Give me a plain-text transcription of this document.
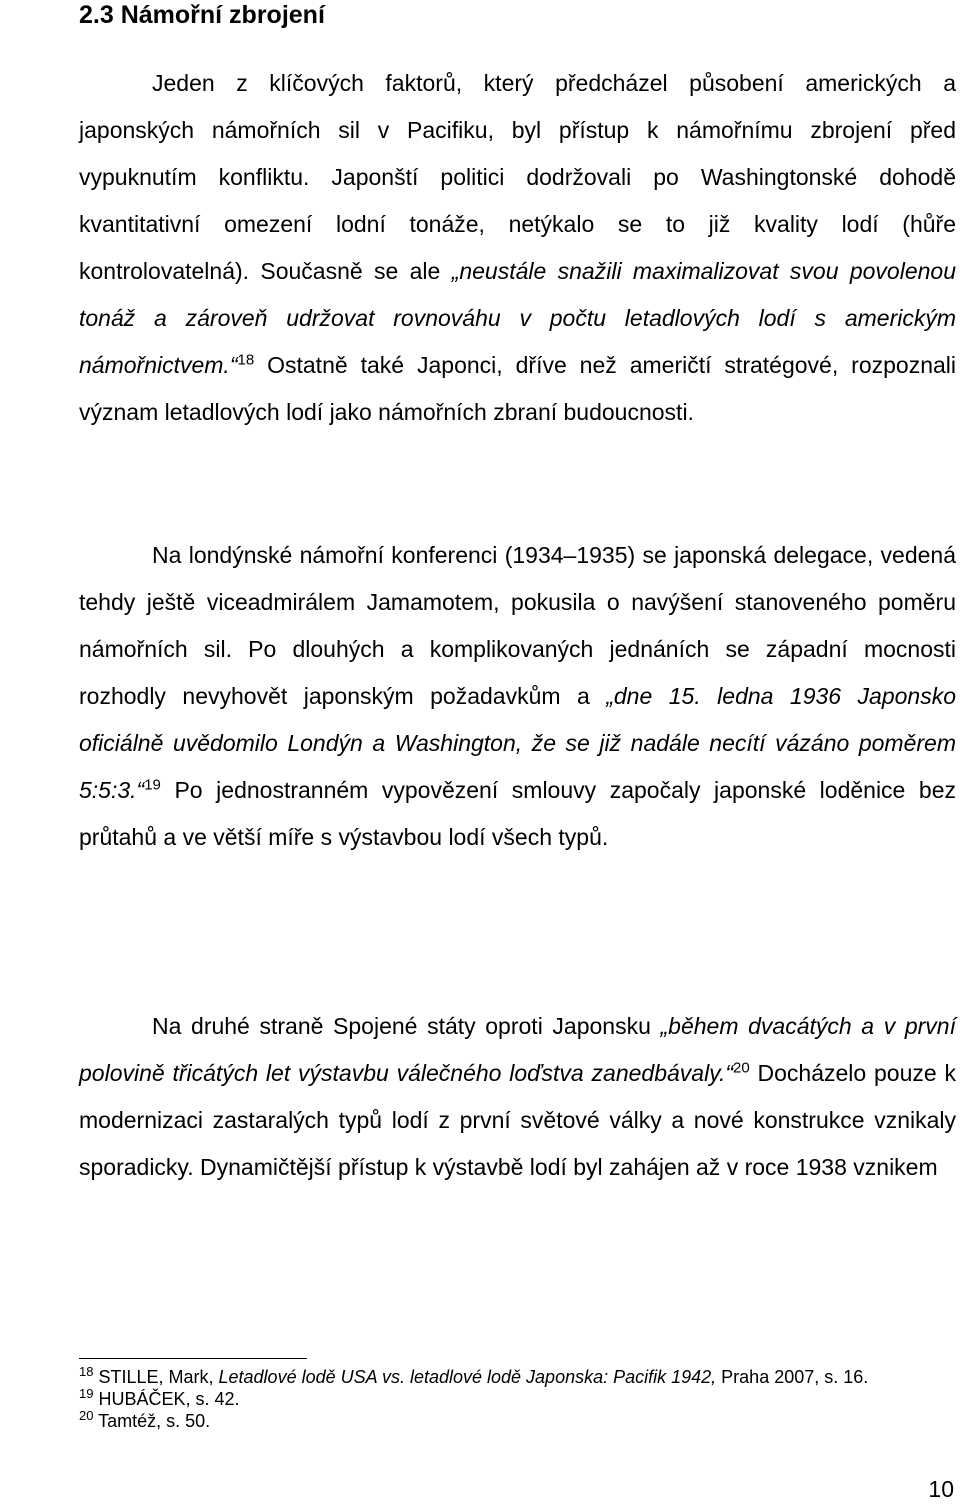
2.3 Námořní zbrojení

Jeden z klíčových faktorů, který předcházel působení amerických a japonských námořních sil v Pacifiku, byl přístup k námořnímu zbrojení před vypuknutím konfliktu. Japonští politici dodržovali po Washingtonské dohodě kvantitativní omezení lodní tonáže, netýkalo se to již kvality lodí (hůře kontrolovatelná). Současně se ale „neustále snažili maximalizovat svou povolenou tonáž a zároveň udržovat rovnováhu v počtu letadlových lodí s americkým námořnictvem.“$^{18}$ Ostatně také Japonci, dříve než američtí stratégové, rozpoznali význam letadlových lodí jako námořních zbraní budoucnosti.

Na londýnské námořní konferenci (1934–1935) se japonská delegace, vedená tehdy ještě viceadmirálem Jamamotem, pokusila o navýšení stanoveného poměru námořních sil. Po dlouhých a komplikovaných jednáních se západní mocnosti rozhodly nevyhovět japonským požadavkům a „dne 15. ledna 1936 Japonsko oficiálně uvědomilo Londýn a Washington, že se již nadále necítí vázáno poměrem 5:5:3.“$^{19}$ Po jednostranném vypovězení smlouvy započaly japonské loděnice bez průtahů a ve větší míře s výstavbou lodí všech typů.

Na druhé straně Spojené státy oproti Japonsku „během dvacátých a v první polovině třicátých let výstavbu válečného loďstva zanedbávaly.“$^{20}$ Docházelo pouze k modernizaci zastaralých typů lodí z první světové války a nové konstrukce vznikaly sporadicky. Dynamičtější přístup k výstavbě lodí byl zahájen až v roce 1938 vznikem

$^{18}$ STILLE, Mark, Letadlové lodě USA vs. letadlové lodě Japonska: Pacifik 1942, Praha 2007, s. 16.

$^{19}$ HUBÁČEK, s. 42.

$^{20}$ Tamtéž, s. 50.

10
